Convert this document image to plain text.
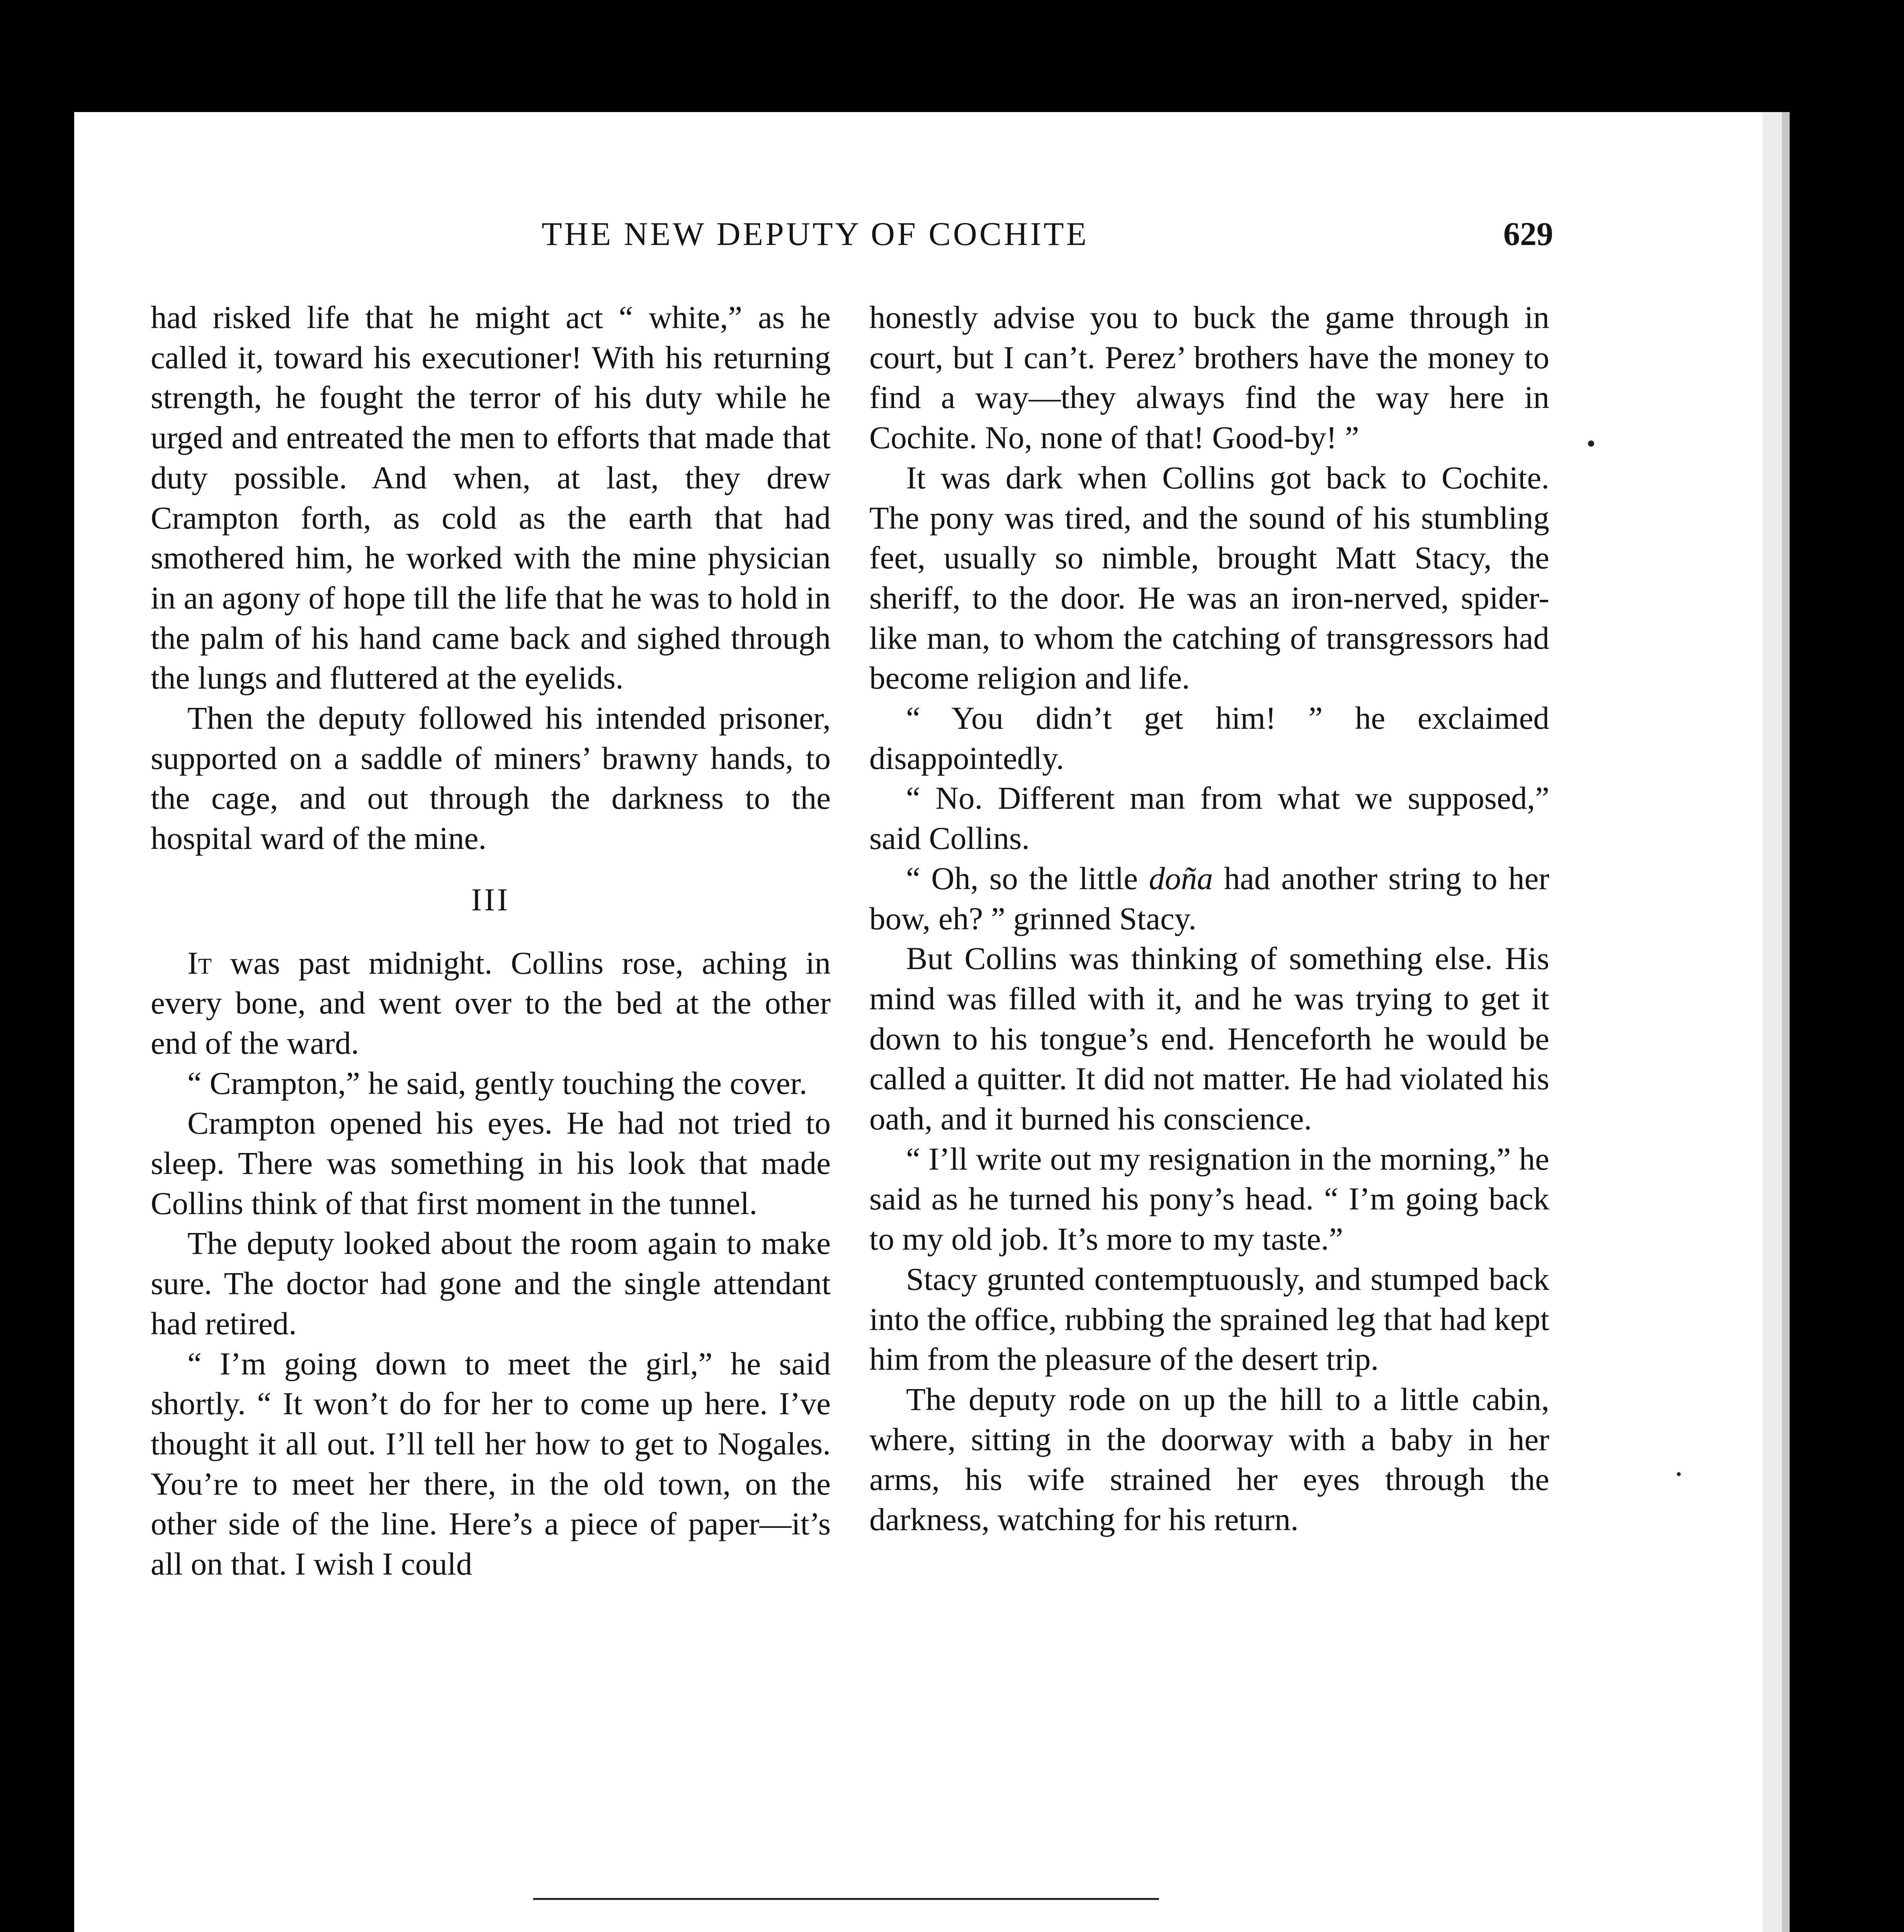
THE NEW DEPUTY OF COCHITE	629

had risked life that he might act “ white,” as he called it, toward his executioner! With his returning strength, he fought the terror of his duty while he urged and entreated the men to efforts that made that duty possible. And when, at last, they drew Crampton forth, as cold as the earth that had smothered him, he worked with the mine physician in an agony of hope till the life that he was to hold in the palm of his hand came back and sighed through the lungs and fluttered at the eyelids.

Then the deputy followed his intended prisoner, supported on a saddle of miners’ brawny hands, to the cage, and out through the darkness to the hospital ward of the mine.

III

It was past midnight. Collins rose, aching in every bone, and went over to the bed at the other end of the ward.

“ Crampton,” he said, gently touching the cover.

Crampton opened his eyes. He had not tried to sleep. There was something in his look that made Collins think of that first moment in the tunnel.

The deputy looked about the room again to make sure. The doctor had gone and the single attendant had retired.

“ I’m going down to meet the girl,” he said shortly. “ It won’t do for her to come up here. I’ve thought it all out. I’ll tell her how to get to Nogales. You’re to meet her there, in the old town, on the other side of the line. Here’s a piece of paper—it’s all on that. I wish I could

honestly advise you to buck the game through in court, but I can’t. Perez’ brothers have the money to find a way—they always find the way here in Cochite. No, none of that! Good-by! ”

It was dark when Collins got back to Cochite. The pony was tired, and the sound of his stumbling feet, usually so nimble, brought Matt Stacy, the sheriff, to the door. He was an iron-nerved, spider-like man, to whom the catching of transgressors had become religion and life.

“ You didn’t get him! ” he exclaimed disappointedly.

“ No. Different man from what we supposed,” said Collins.

“ Oh, so the little doña had another string to her bow, eh? ” grinned Stacy.

But Collins was thinking of something else. His mind was filled with it, and he was trying to get it down to his tongue’s end. Henceforth he would be called a quitter. It did not matter. He had violated his oath, and it burned his conscience.

“ I’ll write out my resignation in the morning,” he said as he turned his pony’s head. “ I’m going back to my old job. It’s more to my taste.”

Stacy grunted contemptuously, and stumped back into the office, rubbing the sprained leg that had kept him from the pleasure of the desert trip.

The deputy rode on up the hill to a little cabin, where, sitting in the doorway with a baby in her arms, his wife strained her eyes through the darkness, watching for his return.
